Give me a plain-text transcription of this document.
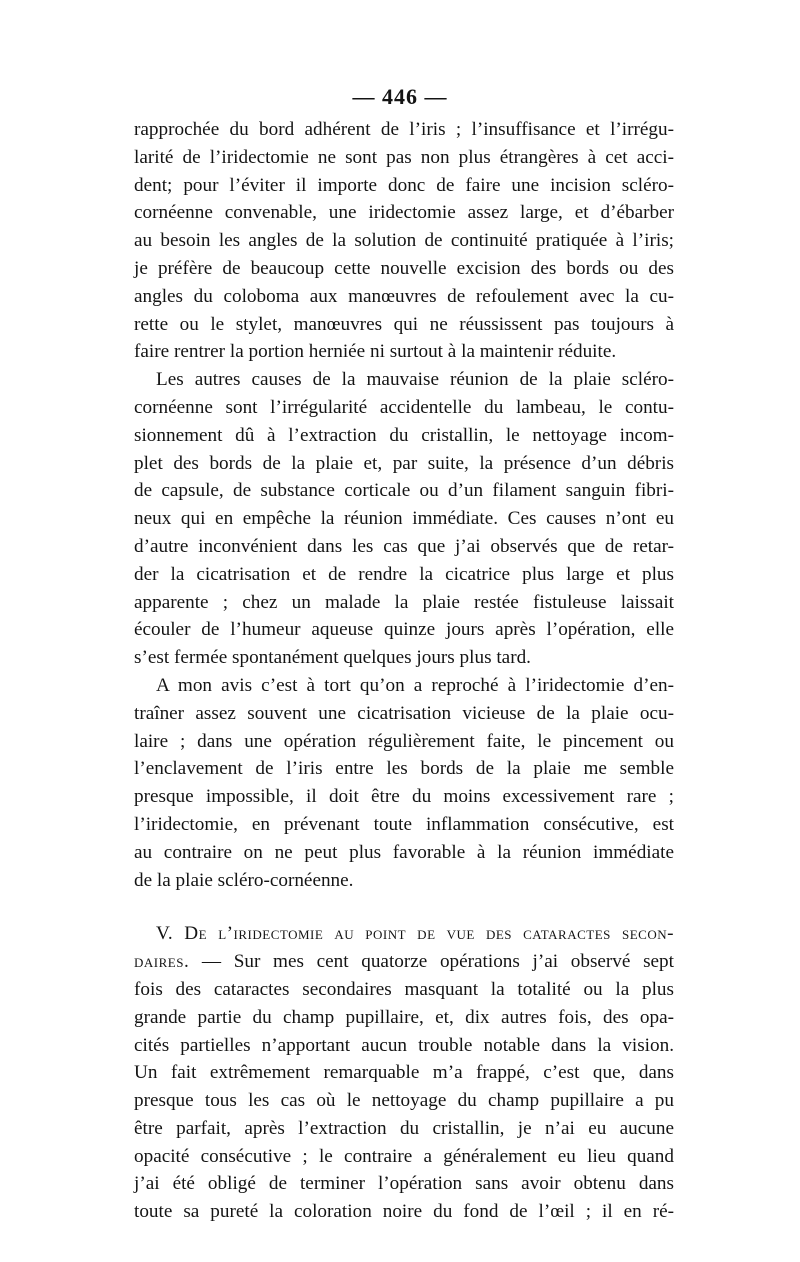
— 446 —
rapprochée du bord adhérent de l’iris ; l’insuffisance et l’irrégu-
larité de l’iridectomie ne sont pas non plus étrangères à cet acci-
dent; pour l’éviter il importe donc de faire une incision scléro-
cornéenne convenable, une iridectomie assez large, et d’ébarber
au besoin les angles de la solution de continuité pratiquée à l’iris;
je préfère de beaucoup cette nouvelle excision des bords ou des
angles du coloboma aux manœuvres de refoulement avec la cu-
rette ou le stylet, manœuvres qui ne réussissent pas toujours à
faire rentrer la portion herniée ni surtout à la maintenir réduite.
Les autres causes de la mauvaise réunion de la plaie scléro-
cornéenne sont l’irrégularité accidentelle du lambeau, le contu-
sionnement dû à l’extraction du cristallin, le nettoyage incom-
plet des bords de la plaie et, par suite, la présence d’un débris
de capsule, de substance corticale ou d’un filament sanguin fibri-
neux qui en empêche la réunion immédiate. Ces causes n’ont eu
d’autre inconvénient dans les cas que j’ai observés que de retar-
der la cicatrisation et de rendre la cicatrice plus large et plus
apparente ; chez un malade la plaie restée fistuleuse laissait
écouler de l’humeur aqueuse quinze jours après l’opération, elle
s’est fermée spontanément quelques jours plus tard.
A mon avis c’est à tort qu’on a reproché à l’iridectomie d’en-
traîner assez souvent une cicatrisation vicieuse de la plaie ocu-
laire ; dans une opération régulièrement faite, le pincement ou
l’enclavement de l’iris entre les bords de la plaie me semble
presque impossible, il doit être du moins excessivement rare ;
l’iridectomie, en prévenant toute inflammation consécutive, est
au contraire on ne peut plus favorable à la réunion immédiate
de la plaie scléro-cornéenne.
V. De l’iridectomie au point de vue des cataractes secon-
daires. — Sur mes cent quatorze opérations j’ai observé sept
fois des cataractes secondaires masquant la totalité ou la plus
grande partie du champ pupillaire, et, dix autres fois, des opa-
cités partielles n’apportant aucun trouble notable dans la vision.
Un fait extrêmement remarquable m’a frappé, c’est que, dans
presque tous les cas où le nettoyage du champ pupillaire a pu
être parfait, après l’extraction du cristallin, je n’ai eu aucune
opacité consécutive ; le contraire a généralement eu lieu quand
j’ai été obligé de terminer l’opération sans avoir obtenu dans
toute sa pureté la coloration noire du fond de l’œil ; il en ré-
